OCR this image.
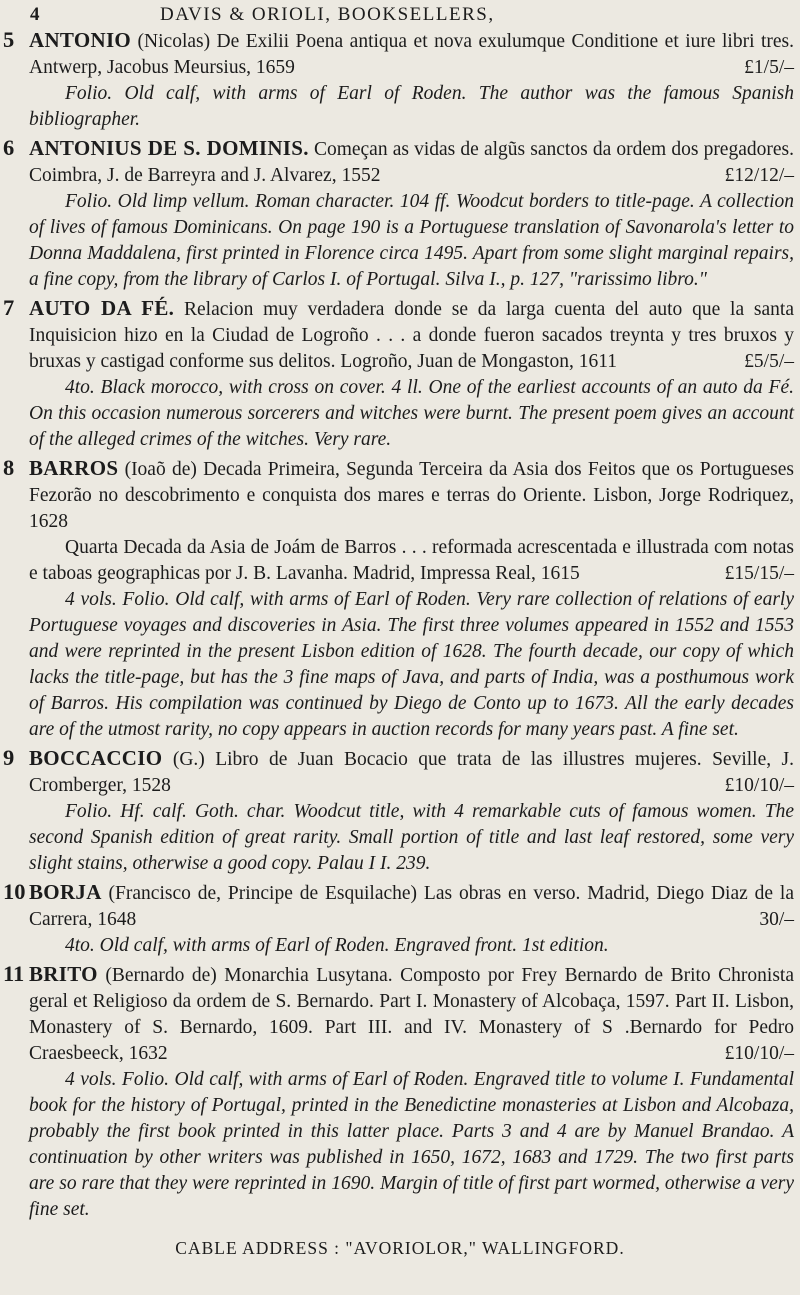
4	DAVIS & ORIOLI, BOOKSELLERS,
5 ANTONIO (Nicolas) De Exilii Poena antiqua et nova exulumque Conditione et iure libri tres. Antwerp, Jacobus Meursius, 1659	£1/5/–

Folio. Old calf, with arms of Earl of Roden. The author was the famous Spanish bibliographer.

6 ANTONIUS DE S. DOMINIS. Começan as vidas de algũs sanctos da ordem dos pregadores. Coimbra, J. de Barreyra and J. Alvarez, 1552	£12/12/–

Folio. Old limp vellum. Roman character. 104 ff. Woodcut borders to title-page. A collection of lives of famous Dominicans. On page 190 is a Portuguese translation of Savonarola's letter to Donna Maddalena, first printed in Florence circa 1495. Apart from some slight marginal repairs, a fine copy, from the library of Carlos I. of Portugal. Silva I., p. 127, "rarissimo libro."

7 AUTO DA FÉ. Relacion muy verdadera donde se da larga cuenta del auto que la santa Inquisicion hizo en la Ciudad de Logroño . . . a donde fueron sacados treynta y tres bruxos y bruxas y castigad conforme sus delitos. Logroño, Juan de Mongaston, 1611	£5/5/–

4to. Black morocco, with cross on cover. 4 ll. One of the earliest accounts of an auto da Fé. On this occasion numerous sorcerers and witches were burnt. The present poem gives an account of the alleged crimes of the witches. Very rare.

8 BARROS (Ioaõ de) Decada Primeira, Segunda Terceira da Asia dos Feitos que os Portugueses Fezorão no descobrimento e conquista dos mares e terras do Oriente. Lisbon, Jorge Rodriquez, 1628

Quarta Decada da Asia de Joám de Barros . . . reformada acrescentada e illustrada com notas e taboas geographicas por J. B. Lavanha. Madrid, Impressa Real, 1615	£15/15/–

4 vols. Folio. Old calf, with arms of Earl of Roden. Very rare collection of relations of early Portuguese voyages and discoveries in Asia. The first three volumes appeared in 1552 and 1553 and were reprinted in the present Lisbon edition of 1628. The fourth decade, our copy of which lacks the title-page, but has the 3 fine maps of Java, and parts of India, was a posthumous work of Barros. His compilation was continued by Diego de Conto up to 1673. All the early decades are of the utmost rarity, no copy appears in auction records for many years past. A fine set.

9 BOCCACCIO (G.) Libro de Juan Bocacio que trata de las illustres mujeres. Seville, J. Cromberger, 1528	£10/10/–

Folio. Hf. calf. Goth. char. Woodcut title, with 4 remarkable cuts of famous women. The second Spanish edition of great rarity. Small portion of title and last leaf restored, some very slight stains, otherwise a good copy. Palau I I. 239.

10 BORJA (Francisco de, Principe de Esquilache) Las obras en verso. Madrid, Diego Diaz de la Carrera, 1648	30/–

4to. Old calf, with arms of Earl of Roden. Engraved front. 1st edition.

11 BRITO (Bernardo de) Monarchia Lusytana. Composto por Frey Bernardo de Brito Chronista geral et Religioso da ordem de S. Bernardo. Part I. Monastery of Alcobaça, 1597. Part II. Lisbon, Monastery of S. Bernardo, 1609. Part III. and IV. Monastery of S .Bernardo for Pedro Craesbeeck, 1632	£10/10/–

4 vols. Folio. Old calf, with arms of Earl of Roden. Engraved title to volume I. Fundamental book for the history of Portugal, printed in the Benedictine monasteries at Lisbon and Alcobaza, probably the first book printed in this latter place. Parts 3 and 4 are by Manuel Brandao. A continuation by other writers was published in 1650, 1672, 1683 and 1729. The two first parts are so rare that they were reprinted in 1690. Margin of title of first part wormed, otherwise a very fine set.

CABLE ADDRESS : "AVORIOLOR," WALLINGFORD.
